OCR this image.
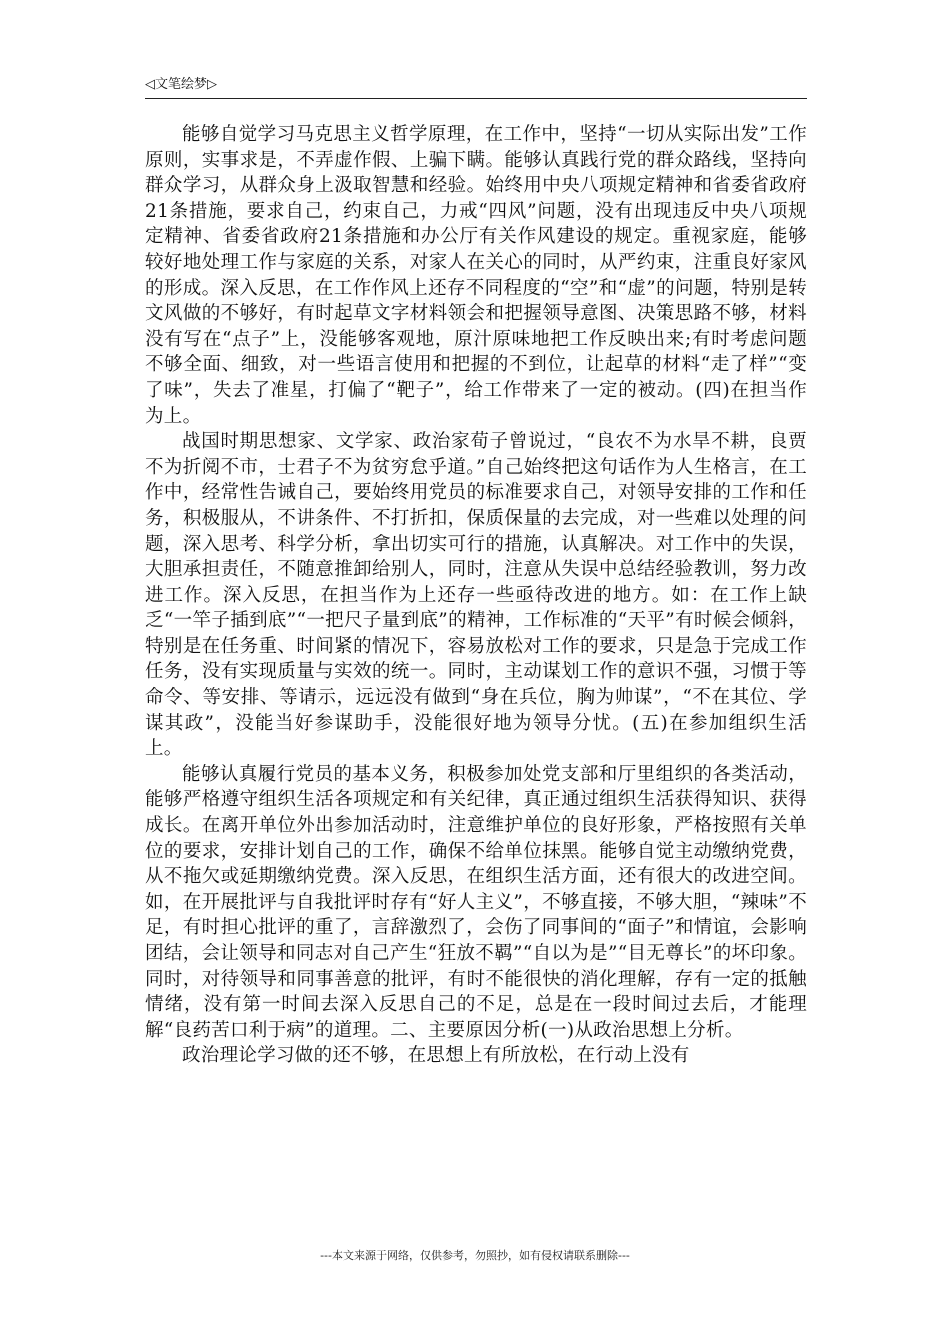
◁文笔绘梦▷

能够自觉学习马克思主义哲学原理，在工作中，坚持“一切从实际出发”工作原则，实事求是，不弄虚作假、上骗下瞒。能够认真践行党的群众路线，坚持向群众学习，从群众身上汲取智慧和经验。始终用中央八项规定精神和省委省政府21条措施，要求自己，约束自己，力戒“四风”问题，没有出现违反中央八项规定精神、省委省政府21条措施和办公厅有关作风建设的规定。重视家庭，能够较好地处理工作与家庭的关系，对家人在关心的同时，从严约束，注重良好家风的形成。深入反思，在工作作风上还存不同程度的“空”和“虚”的问题，特别是转文风做的不够好，有时起草文字材料领会和把握领导意图、决策思路不够，材料没有写在“点子”上，没能够客观地，原汁原味地把工作反映出来;有时考虑问题不够全面、细致，对一些语言使用和把握的不到位，让起草的材料“走了样”“变了味”，失去了准星，打偏了“靶子”，给工作带来了一定的被动。(四)在担当作为上。

战国时期思想家、文学家、政治家荀子曾说过，“良农不为水旱不耕，良贾不为折阅不市，士君子不为贫穷怠乎道。”自己始终把这句话作为人生格言，在工作中，经常性告诫自己，要始终用党员的标准要求自己，对领导安排的工作和任务，积极服从，不讲条件、不打折扣，保质保量的去完成，对一些难以处理的问题，深入思考、科学分析，拿出切实可行的措施，认真解决。对工作中的失误，大胆承担责任，不随意推卸给别人，同时，注意从失误中总结经验教训，努力改进工作。深入反思，在担当作为上还存一些亟待改进的地方。如：在工作上缺乏“一竿子插到底”“一把尺子量到底”的精神，工作标准的“天平”有时候会倾斜，特别是在任务重、时间紧的情况下，容易放松对工作的要求，只是急于完成工作任务，没有实现质量与实效的统一。同时，主动谋划工作的意识不强，习惯于等命令、等安排、等请示，远远没有做到“身在兵位，胸为帅谋”，“不在其位、学谋其政”，没能当好参谋助手，没能很好地为领导分忧。(五)在参加组织生活上。

能够认真履行党员的基本义务，积极参加处党支部和厅里组织的各类活动，能够严格遵守组织生活各项规定和有关纪律，真正通过组织生活获得知识、获得成长。在离开单位外出参加活动时，注意维护单位的良好形象，严格按照有关单位的要求，安排计划自己的工作，确保不给单位抹黑。能够自觉主动缴纳党费，从不拖欠或延期缴纳党费。深入反思，在组织生活方面，还有很大的改进空间。如，在开展批评与自我批评时存有“好人主义”，不够直接，不够大胆，“辣味”不足，有时担心批评的重了，言辞激烈了，会伤了同事间的“面子”和情谊，会影响团结，会让领导和同志对自己产生“狂放不羁”“自以为是”“目无尊长”的坏印象。同时，对待领导和同事善意的批评，有时不能很快的消化理解，存有一定的抵触情绪，没有第一时间去深入反思自己的不足，总是在一段时间过去后，才能理解“良药苦口利于病”的道理。二、主要原因分析(一)从政治思想上分析。

政治理论学习做的还不够，在思想上有所放松，在行动上没有

---本文来源于网络，仅供参考，勿照抄，如有侵权请联系删除---
